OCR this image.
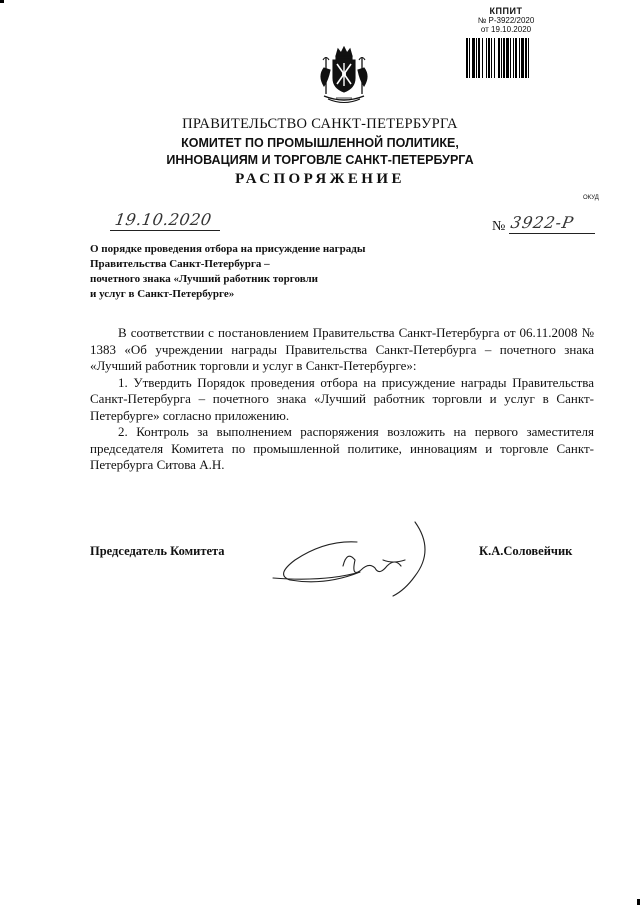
КППИТ
№ Р-3922/2020
от 19.10.2020
ПРАВИТЕЛЬСТВО САНКТ-ПЕТЕРБУРГА
КОМИТЕТ ПО ПРОМЫШЛЕННОЙ ПОЛИТИКЕ,
ИННОВАЦИЯМ И ТОРГОВЛЕ САНКТ-ПЕТЕРБУРГА
РАСПОРЯЖЕНИЕ
ОКУД
19.10.2020	№ 3922-Р
О порядке проведения отбора на присуждение награды
Правительства Санкт-Петербурга –
почетного знака «Лучший работник торговли
и услуг в Санкт-Петербурге»

В соответствии с постановлением Правительства Санкт-Петербурга от 06.11.2008 № 1383 «Об учреждении награды Правительства Санкт-Петербурга – почетного знака «Лучший работник торговли и услуг в Санкт-Петербурге»:

1. Утвердить Порядок проведения отбора на присуждение награды Правительства Санкт-Петербурга – почетного знака «Лучший работник торговли и услуг в Санкт-Петербурге» согласно приложению.

2. Контроль за выполнением распоряжения возложить на первого заместителя председателя Комитета по промышленной политике, инновациям и торговле Санкт-Петербурга Ситова А.Н.

Председатель Комитета	К.А.Соловейчик
